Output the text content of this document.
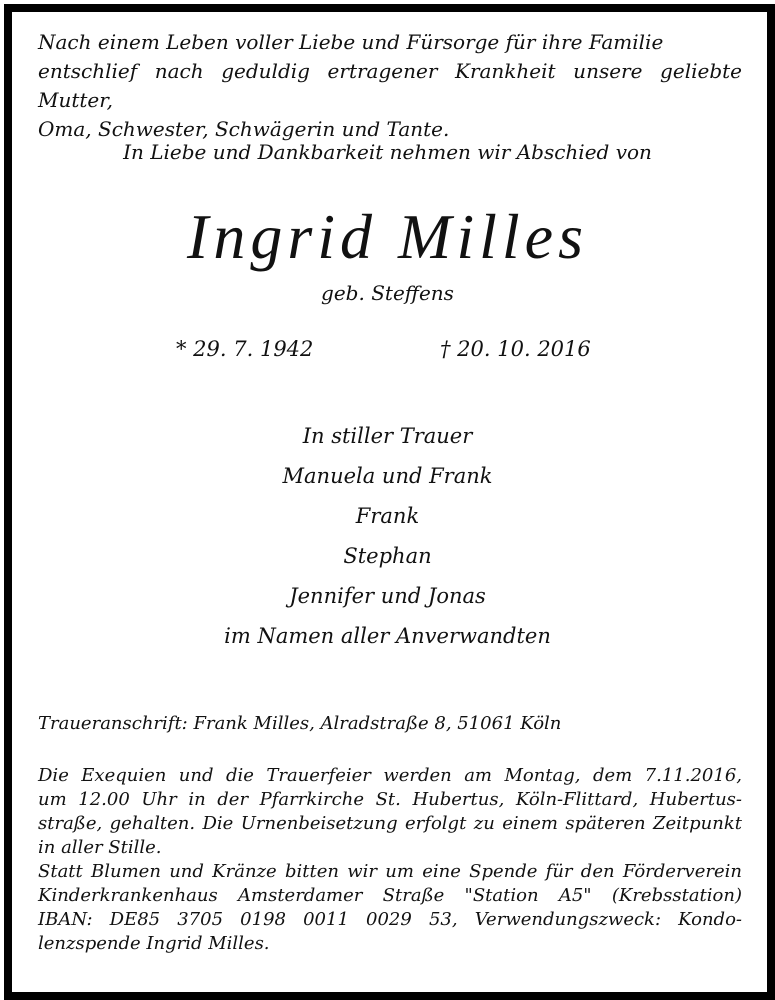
Nach einem Leben voller Liebe und Fürsorge für ihre Familie
entschlief nach geduldig ertragener Krankheit unsere geliebte Mutter,
Oma, Schwester, Schwägerin und Tante.
In Liebe und Dankbarkeit nehmen wir Abschied von
Ingrid Milles
geb. Steffens
* 29. 7. 1942	† 20. 10. 2016
In stiller Trauer
Manuela und Frank
Frank
Stephan
Jennifer und Jonas
im Namen aller Anverwandten
Traueranschrift: Frank Milles, Alradstraße 8, 51061 Köln
Die Exequien und die Trauerfeier werden am Montag, dem 7.11.2016,
um 12.00 Uhr in der Pfarrkirche St. Hubertus, Köln-Flittard, Hubertus-
straße, gehalten. Die Urnenbeisetzung erfolgt zu einem späteren Zeitpunkt
in aller Stille.
Statt Blumen und Kränze bitten wir um eine Spende für den Förderverein
Kinderkrankenhaus Amsterdamer Straße "Station A5" (Krebsstation)
IBAN: DE85 3705 0198 0011 0029 53, Verwendungszweck: Kondo-
lenzspende Ingrid Milles.
